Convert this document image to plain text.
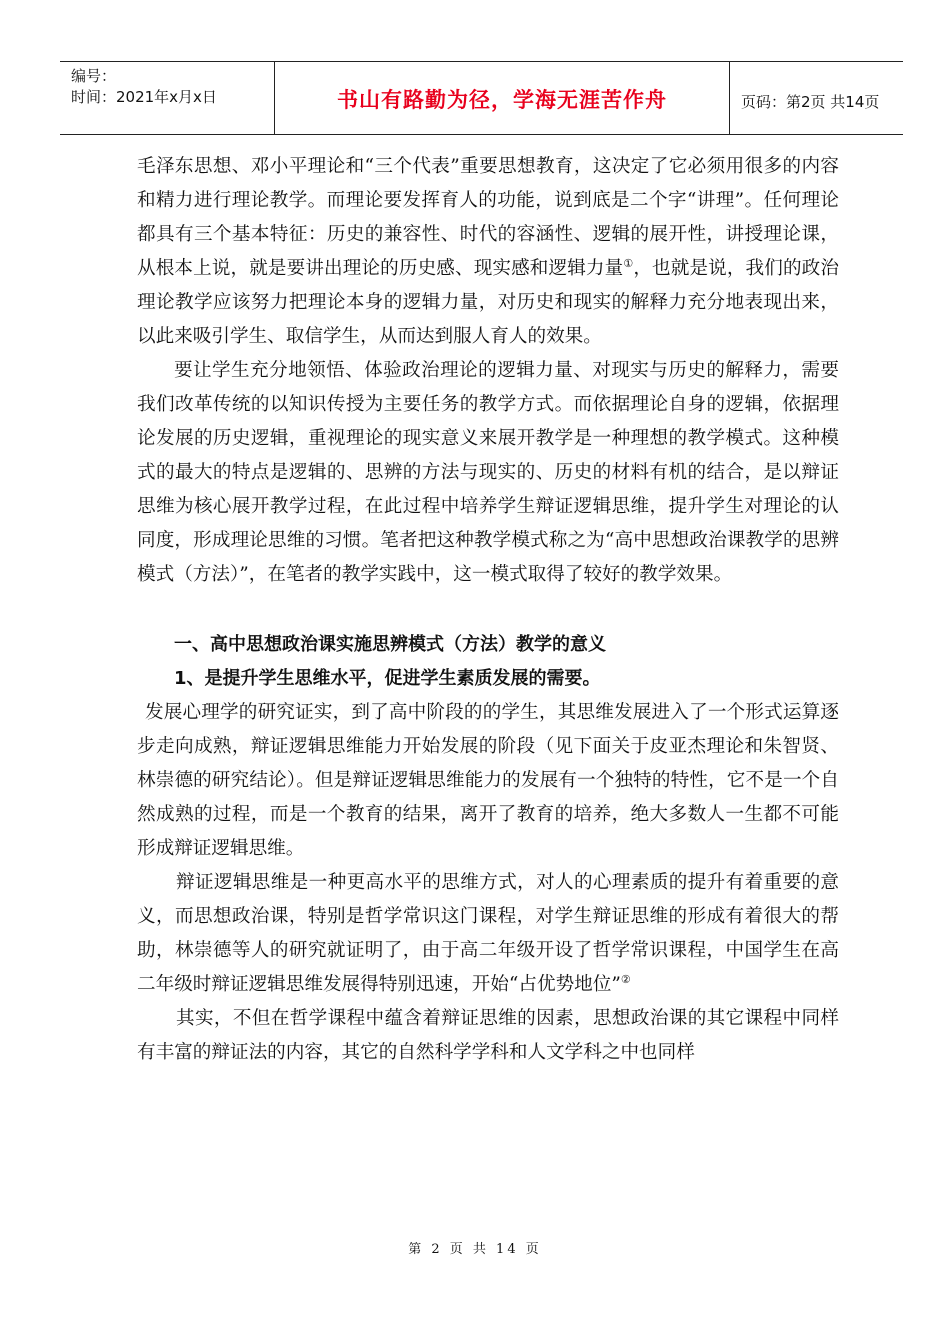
编号：
时间：2021年x月x日	书山有路勤为径，学海无涯苦作舟	页码：第2页 共14页

毛泽东思想、邓小平理论和“三个代表”重要思想教育，这决定了它必须用很多的内容和精力进行理论教学。而理论要发挥育人的功能，说到底是二个字“讲理”。任何理论都具有三个基本特征：历史的兼容性、时代的容涵性、逻辑的展开性，讲授理论课，从根本上说，就是要讲出理论的历史感、现实感和逻辑力量①，也就是说，我们的政治理论教学应该努力把理论本身的逻辑力量，对历史和现实的解释力充分地表现出来，以此来吸引学生、取信学生，从而达到服人育人的效果。

要让学生充分地领悟、体验政治理论的逻辑力量、对现实与历史的解释力，需要我们改革传统的以知识传授为主要任务的教学方式。而依据理论自身的逻辑，依据理论发展的历史逻辑，重视理论的现实意义来展开教学是一种理想的教学模式。这种模式的最大的特点是逻辑的、思辨的方法与现实的、历史的材料有机的结合，是以辩证思维为核心展开教学过程，在此过程中培养学生辩证逻辑思维，提升学生对理论的认同度，形成理论思维的习惯。笔者把这种教学模式称之为“高中思想政治课教学的思辨模式（方法）”，在笔者的教学实践中，这一模式取得了较好的教学效果。

一、高中思想政治课实施思辨模式（方法）教学的意义

1、是提升学生思维水平，促进学生素质发展的需要。

发展心理学的研究证实，到了高中阶段的的学生，其思维发展进入了一个形式运算逐步走向成熟，辩证逻辑思维能力开始发展的阶段（见下面关于皮亚杰理论和朱智贤、林崇德的研究结论）。但是辩证逻辑思维能力的发展有一个独特的特性，它不是一个自然成熟的过程，而是一个教育的结果，离开了教育的培养，绝大多数人一生都不可能形成辩证逻辑思维。

辩证逻辑思维是一种更高水平的思维方式，对人的心理素质的提升有着重要的意义，而思想政治课，特别是哲学常识这门课程，对学生辩证思维的形成有着很大的帮助，林崇德等人的研究就证明了，由于高二年级开设了哲学常识课程，中国学生在高二年级时辩证逻辑思维发展得特别迅速，开始“占优势地位”②

其实，不但在哲学课程中蕴含着辩证思维的因素，思想政治课的其它课程中同样有丰富的辩证法的内容，其它的自然科学学科和人文学科之中也同样

第 2 页 共 14 页
